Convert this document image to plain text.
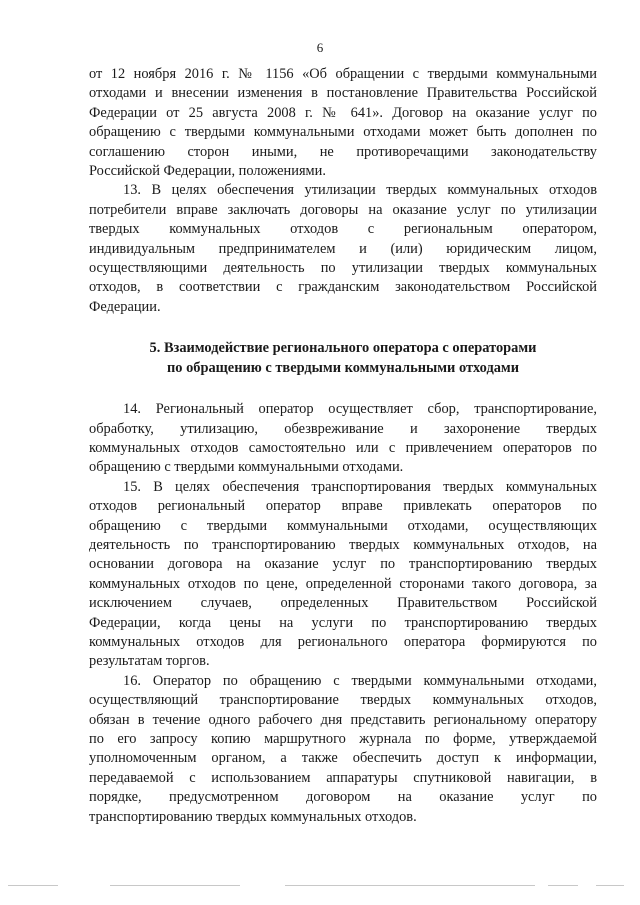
6

от 12 ноября 2016 г. № 1156 «Об обращении с твердыми коммунальными
отходами и внесении изменения в постановление Правительства Российской
Федерации от 25 августа 2008 г. № 641». Договор на оказание услуг по
обращению с твердыми коммунальными отходами может быть дополнен по
соглашению сторон иными, не противоречащими законодательству
Российской Федерации, положениями.

13. В целях обеспечения утилизации твердых коммунальных отходов
потребители вправе заключать договоры на оказание услуг по утилизации
твердых коммунальных отходов с региональным оператором,
индивидуальным предпринимателем и (или) юридическим лицом,
осуществляющими деятельность по утилизации твердых коммунальных
отходов, в соответствии с гражданским законодательством Российской
Федерации.

5. Взаимодействие регионального оператора с операторами
по обращению с твердыми коммунальными отходами

14. Региональный оператор осуществляет сбор, транспортирование,
обработку, утилизацию, обезвреживание и захоронение твердых
коммунальных отходов самостоятельно или с привлечением операторов по
обращению с твердыми коммунальными отходами.

15. В целях обеспечения транспортирования твердых коммунальных
отходов региональный оператор вправе привлекать операторов по
обращению с твердыми коммунальными отходами, осуществляющих
деятельность по транспортированию твердых коммунальных отходов, на
основании договора на оказание услуг по транспортированию твердых
коммунальных отходов по цене, определенной сторонами такого договора, за
исключением случаев, определенных Правительством Российской
Федерации, когда цены на услуги по транспортированию твердых
коммунальных отходов для регионального оператора формируются по
результатам торгов.

16. Оператор по обращению с твердыми коммунальными отходами,
осуществляющий транспортирование твердых коммунальных отходов,
обязан в течение одного рабочего дня представить региональному оператору
по его запросу копию маршрутного журнала по форме, утверждаемой
уполномоченным органом, а также обеспечить доступ к информации,
передаваемой с использованием аппаратуры спутниковой навигации, в
порядке, предусмотренном договором на оказание услуг по
транспортированию твердых коммунальных отходов.
